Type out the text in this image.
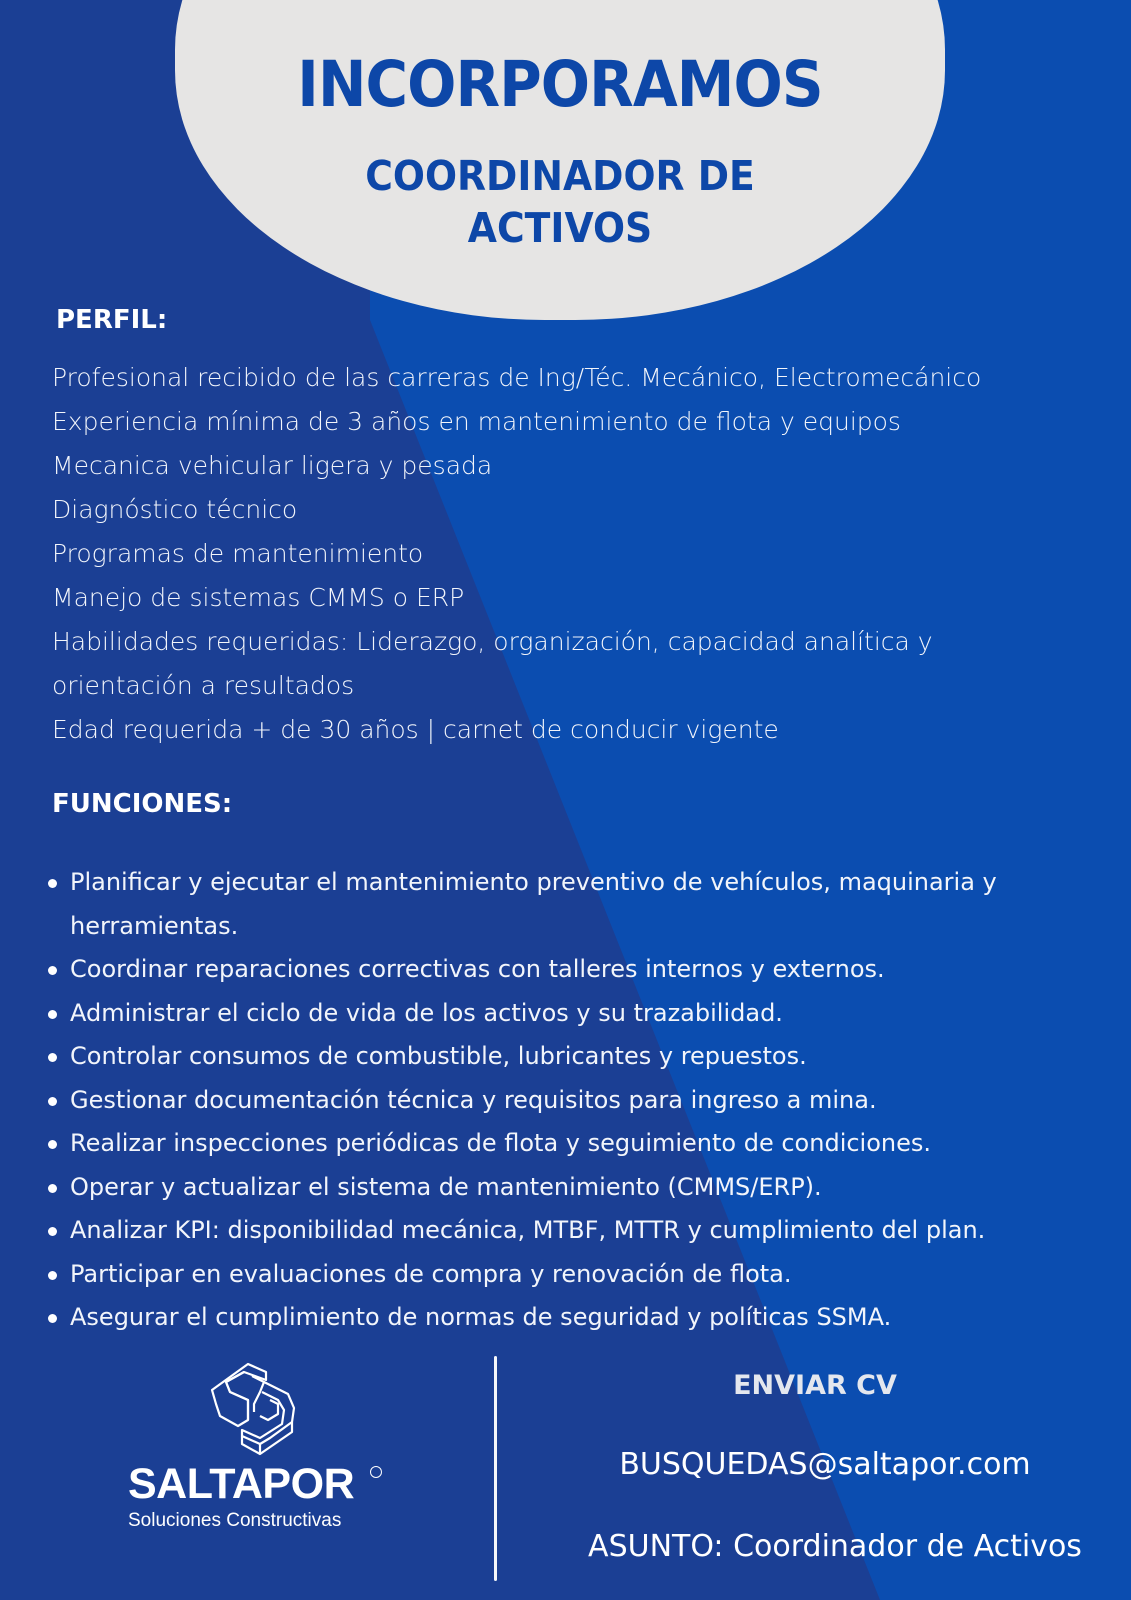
INCORPORAMOS
COORDINADOR DE
ACTIVOS
PERFIL:
Profesional recibido de las carreras de Ing/Téc. Mecánico, Electromecánico
Experiencia mínima de 3 años en mantenimiento de flota y equipos
Mecanica vehicular ligera y pesada
Diagnóstico técnico
Programas de mantenimiento
Manejo de sistemas CMMS o ERP
Habilidades requeridas: Liderazgo, organización, capacidad analítica y orientación a resultados
Edad requerida + de 30 años | carnet de conducir vigente
FUNCIONES:
Planificar y ejecutar el mantenimiento preventivo de vehículos, maquinaria y herramientas.
Coordinar reparaciones correctivas con talleres internos y externos.
Administrar el ciclo de vida de los activos y su trazabilidad.
Controlar consumos de combustible, lubricantes y repuestos.
Gestionar documentación técnica y requisitos para ingreso a mina.
Realizar inspecciones periódicas de flota y seguimiento de condiciones.
Operar y actualizar el sistema de mantenimiento (CMMS/ERP).
Analizar KPI: disponibilidad mecánica, MTBF, MTTR y cumplimiento del plan.
Participar en evaluaciones de compra y renovación de flota.
Asegurar el cumplimiento de normas de seguridad y políticas SSMA.
SALTAPOR
Soluciones Constructivas
ENVIAR CV
BUSQUEDAS@saltapor.com
ASUNTO: Coordinador de Activos
